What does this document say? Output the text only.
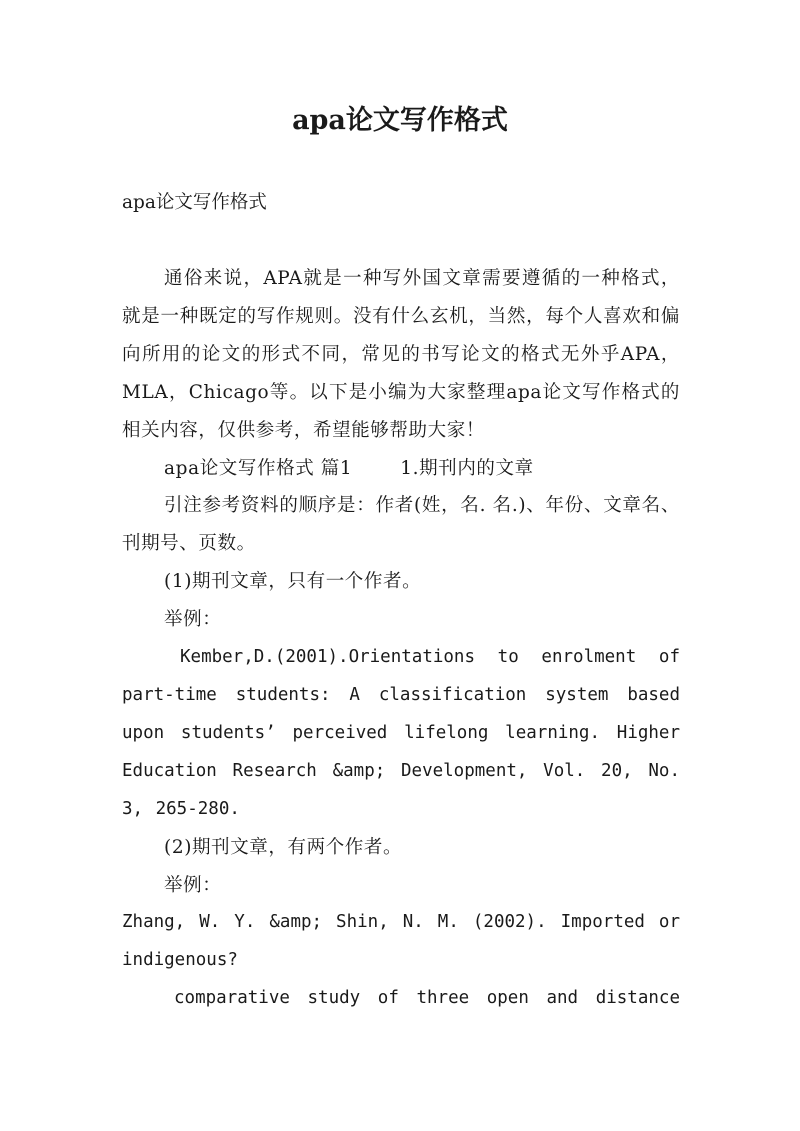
apa论文写作格式
apa论文写作格式

通俗来说，APA就是一种写外国文章需要遵循的一种格式，就是一种既定的写作规则。没有什么玄机，当然，每个人喜欢和偏向所用的论文的形式不同，常见的书写论文的格式无外乎APA，MLA，Chicago等。以下是小编为大家整理apa论文写作格式的相关内容，仅供参考，希望能够帮助大家！

apa论文写作格式 篇1	1.期刊内的文章

引注参考资料的顺序是：作者(姓，名. 名.)、年份、文章名、刊期号、页数。

(1)期刊文章，只有一个作者。

举例：

Kember,D.(2001).Orientations to enrolment of part-time students: A classification system based upon students’ perceived lifelong learning. Higher Education Research &amp; Development, Vol. 20, No. 3, 265-280.

(2)期刊文章，有两个作者。

举例：

Zhang, W. Y. &amp; Shin, N. M. (2002). Imported or indigenous?

comparative study of three open and distance
